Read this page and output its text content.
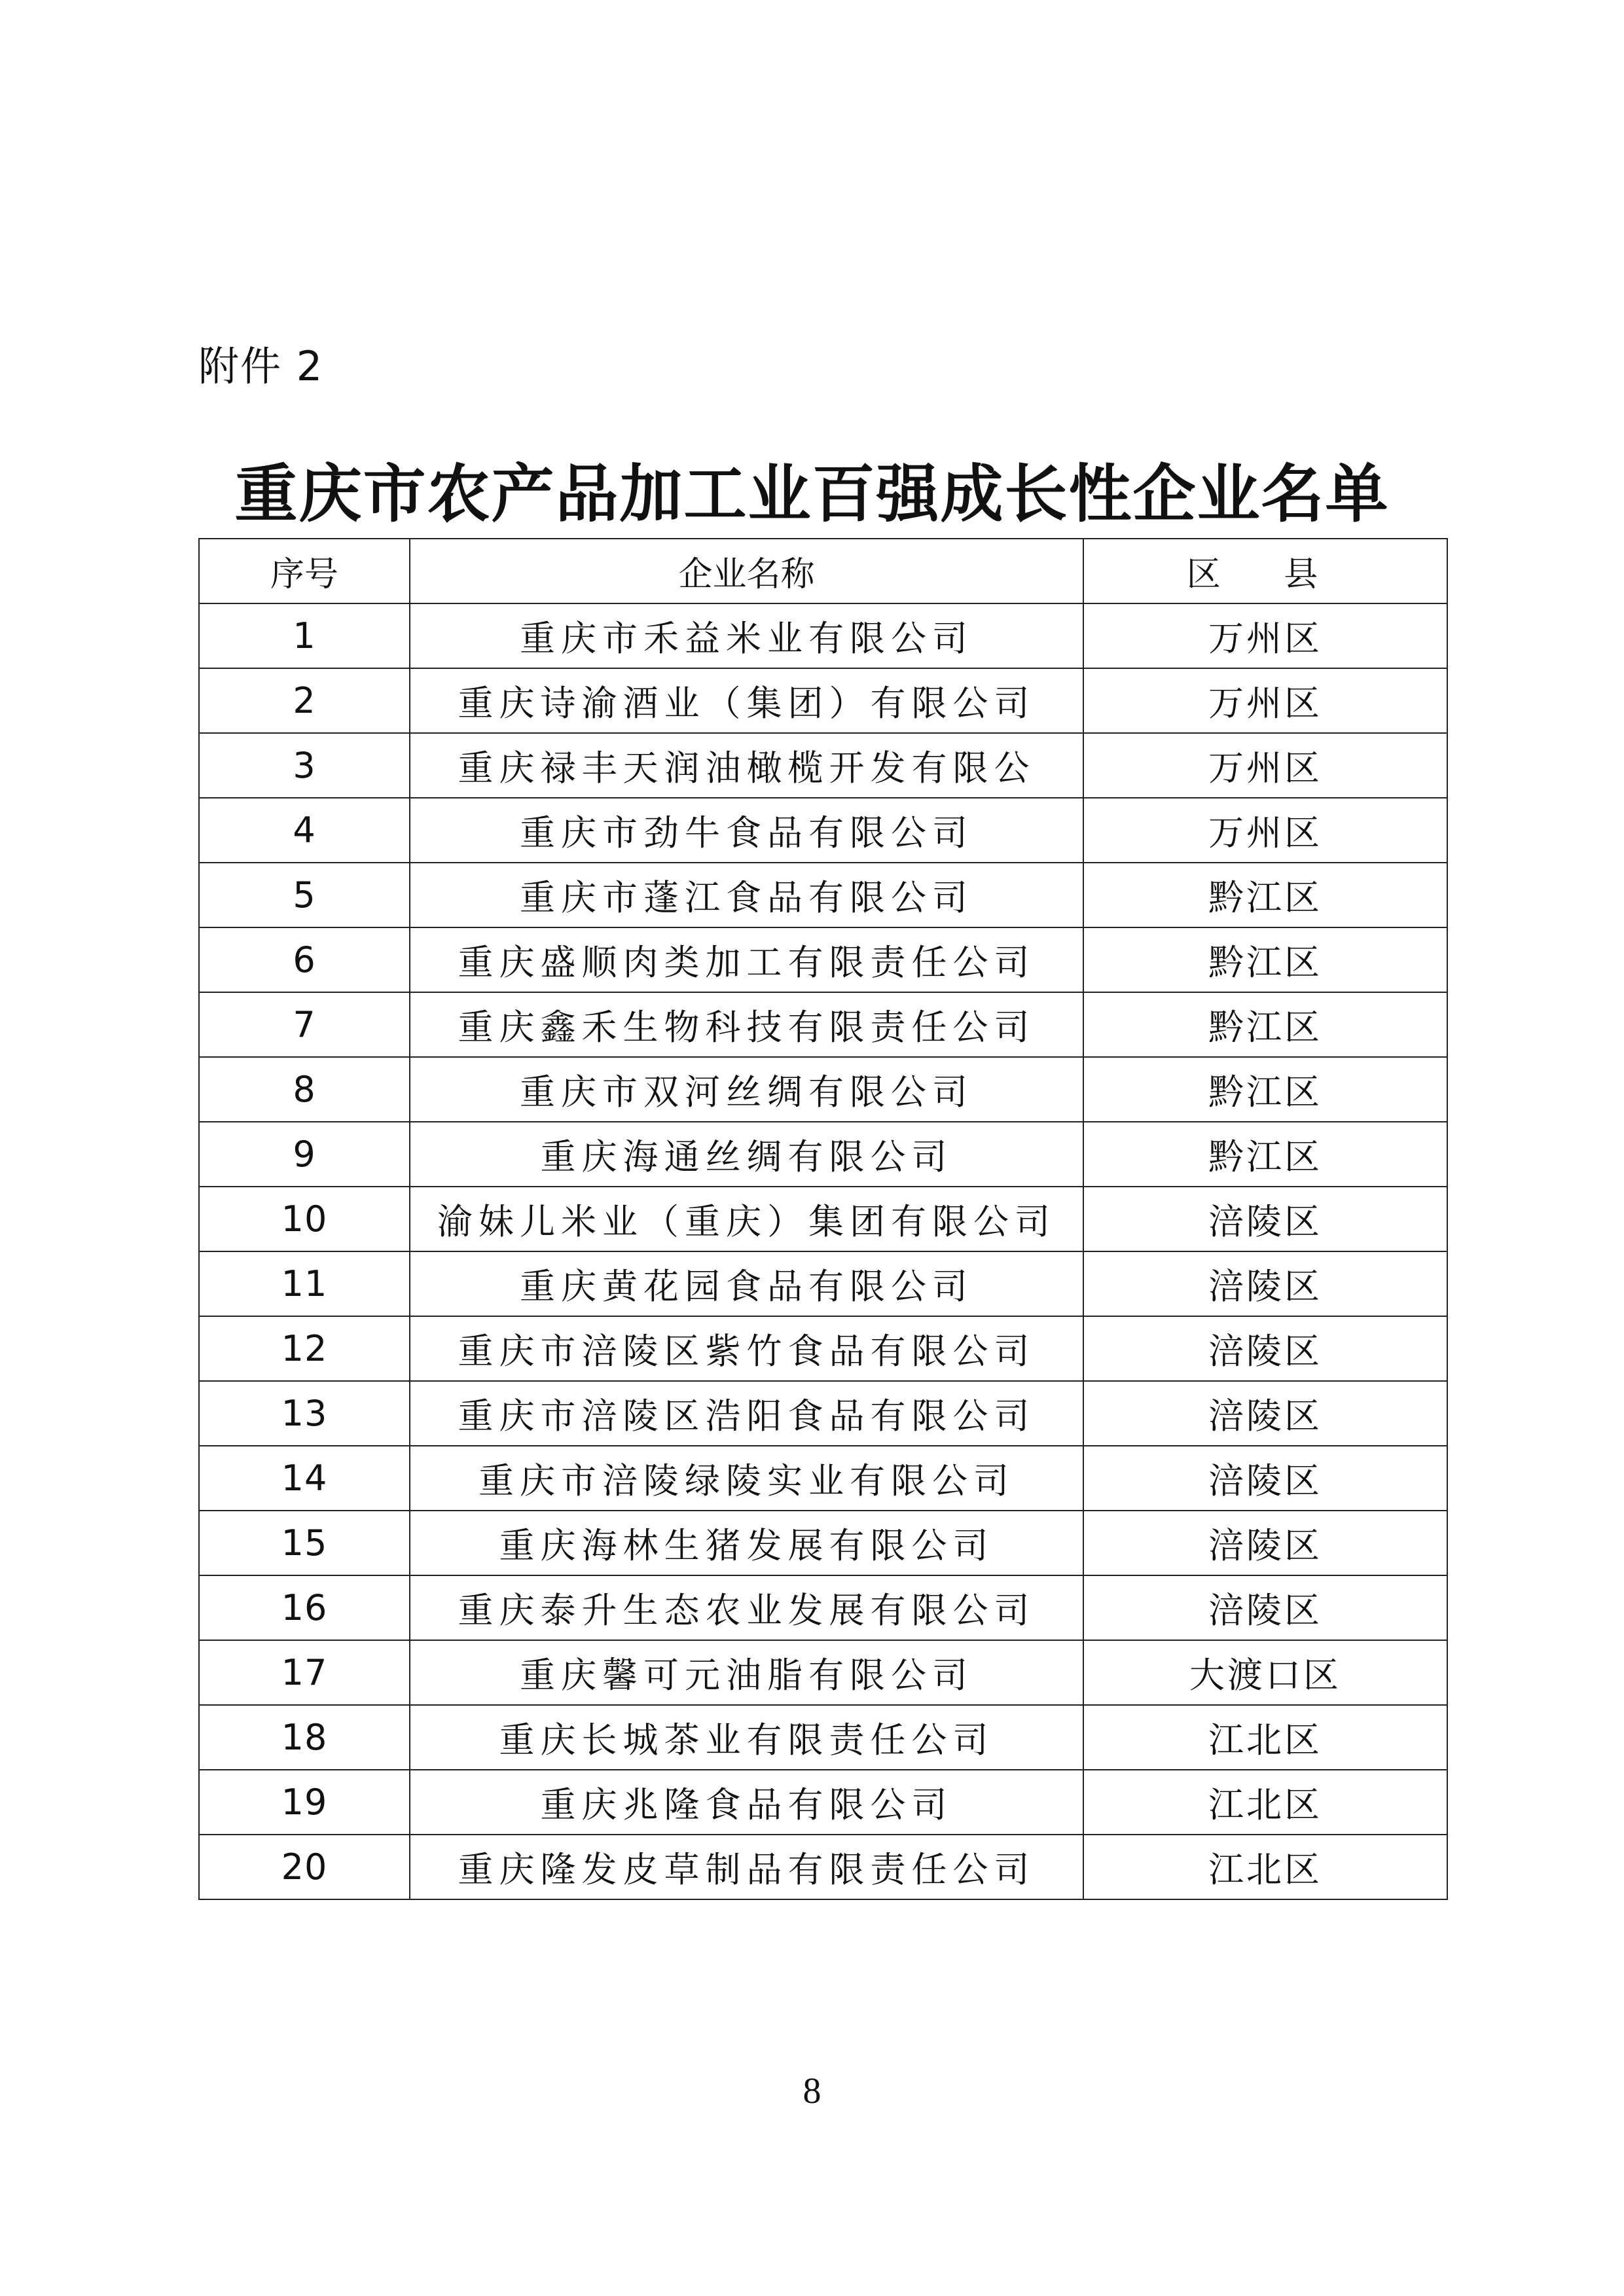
附件 2
重庆市农产品加工业百强成长性企业名单
序号	企业名称	区 县
1	重庆市禾益米业有限公司	万州区
2	重庆诗渝酒业（集团）有限公司	万州区
3	重庆禄丰天润油橄榄开发有限公	万州区
4	重庆市劲牛食品有限公司	万州区
5	重庆市蓬江食品有限公司	黔江区
6	重庆盛顺肉类加工有限责任公司	黔江区
7	重庆鑫禾生物科技有限责任公司	黔江区
8	重庆市双河丝绸有限公司	黔江区
9	重庆海通丝绸有限公司	黔江区
10	渝妹儿米业（重庆）集团有限公司	涪陵区
11	重庆黄花园食品有限公司	涪陵区
12	重庆市涪陵区紫竹食品有限公司	涪陵区
13	重庆市涪陵区浩阳食品有限公司	涪陵区
14	重庆市涪陵绿陵实业有限公司	涪陵区
15	重庆海林生猪发展有限公司	涪陵区
16	重庆泰升生态农业发展有限公司	涪陵区
17	重庆馨可元油脂有限公司	大渡口区
18	重庆长城茶业有限责任公司	江北区
19	重庆兆隆食品有限公司	江北区
20	重庆隆发皮草制品有限责任公司	江北区
8
